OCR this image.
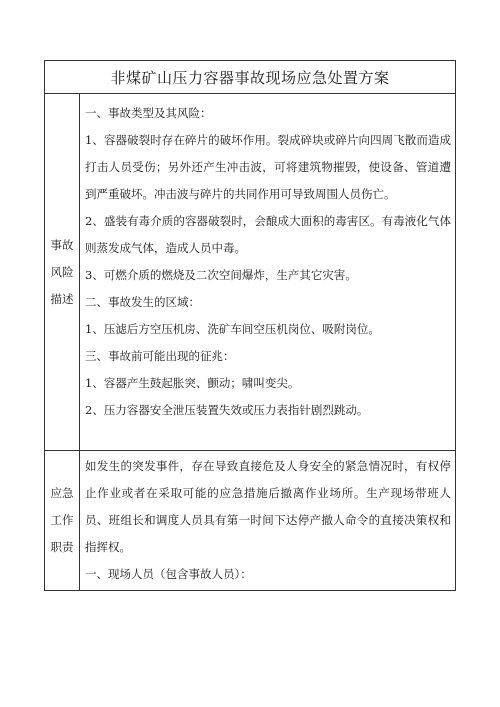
非煤矿山压力容器事故现场应急处置方案
事故
风险
描述

一、事故类型及其风险：

1、容器破裂时存在碎片的破坏作用。裂成碎块或碎片向四周飞散而造成打击人员受伤；另外还产生冲击波，可将建筑物摧毁，使设备、管道遭到严重破坏。冲击波与碎片的共同作用可导致周围人员伤亡。

2、盛装有毒介质的容器破裂时，会酿成大面积的毒害区。有毒液化气体则蒸发成气体，造成人员中毒。

3、可燃介质的燃烧及二次空间爆炸，生产其它灾害。

二、事故发生的区域：

1、压滤后方空压机房、洗矿车间空压机岗位、吸附岗位。

三、事故前可能出现的征兆：

1、容器产生鼓起胀突、颤动；啸叫变尖。

2、压力容器安全泄压装置失效或压力表指针剧烈跳动。

应急
工作
职责

如发生的突发事件，存在导致直接危及人身安全的紧急情况时，有权停止作业或者在采取可能的应急措施后撤离作业场所。生产现场带班人员、班组长和调度人员具有第一时间下达停产撤人命令的直接决策权和指挥权。

一、现场人员（包含事故人员）：
